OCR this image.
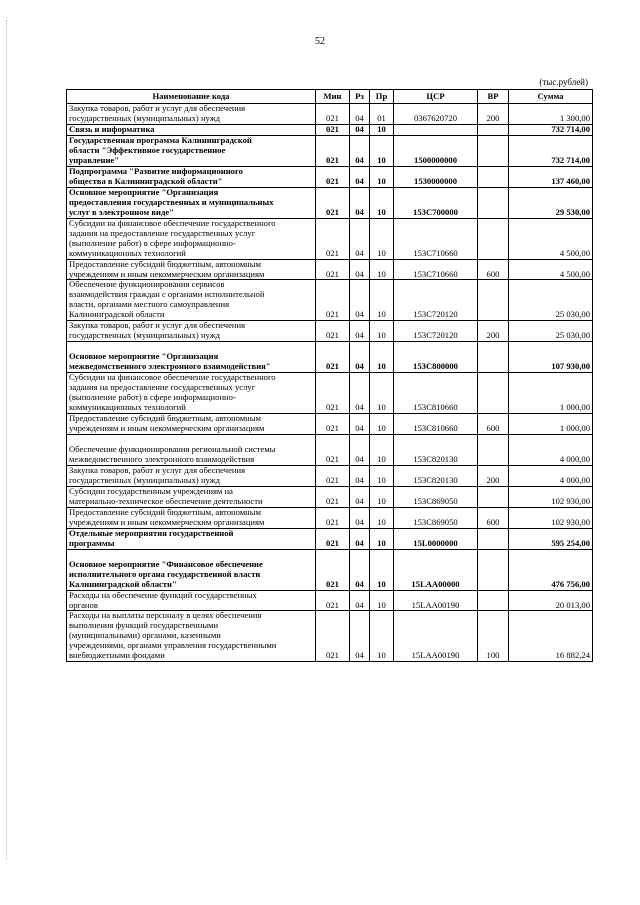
52
(тыс.рублей)
Наименование кода	Мин	Рз	Пр	ЦСР	ВР	Сумма
Закупка товаров, работ и услуг для обеспечения
государственных (муниципальных) нужд	021	04	01	0367620720	200	1 300,00
Связь и информатика	021	04	10			732 714,00
Государственная программа Калининградской
области "Эффективное государственное
управление"	021	04	10	1500000000		732 714,00
Подпрограмма "Развитие информационного
общества в Калининградской области"	021	04	10	1530000000		137 460,00
Основное мероприятие "Организация
предоставления государственных и муниципальных
услуг в электронном виде"	021	04	10	153С700000		29 530,00
Субсидии на финансовое обеспечение государственного
задания на предоставление государственных услуг
(выполнение работ) в сфере информационно-
коммуникационных технологий	021	04	10	153С710660		4 500,00
Предоставление субсидий бюджетным, автономным
учреждениям и иным некоммерческим организациям	021	04	10	153С710660	600	4 500,00
Обеспечение функционирования сервисов
взаимодействия граждан с органами исполнительной
власти, органами местного самоуправления
Калининградской области	021	04	10	153С720120		25 030,00
Закупка товаров, работ и услуг для обеспечения
государственных (муниципальных) нужд	021	04	10	153С720120	200	25 030,00

Основное мероприятие "Организация
межведомственного электронного взаимодействия"	021	04	10	153С800000		107 930,00
Субсидии на финансовое обеспечение государственного
задания на предоставление государственных услуг
(выполнение работ) в сфере информационно-
коммуникационных технологий	021	04	10	153С810660		1 000,00
Предоставление субсидий бюджетным, автономным
учреждениям и иным некоммерческим организациям	021	04	10	153С810660	600	1 000,00

Обеспечение функционирования региональной системы
межведомственного электронного взаимодействия	021	04	10	153С820130		4 000,00
Закупка товаров, работ и услуг для обеспечения
государственных (муниципальных) нужд	021	04	10	153С820130	200	4 000,00
Субсидии государственным учреждениям на
материально-техническое обеспечение деятельности	021	04	10	153С869050		102 930,00
Предоставление субсидий бюджетным, автономным
учреждениям и иным некоммерческим организациям	021	04	10	153С869050	600	102 930,00
Отдельные мероприятия государственной
программы	021	04	10	15L0000000		595 254,00

Основное мероприятие "Финансовое обеспечение
исполнительного органа государственной власти
Калининградской области"	021	04	10	15LАА00000		476 756,00
Расходы на обеспечение функций государственных
органов	021	04	10	15LАА00190		20 013,00
Расходы на выплаты персоналу в целях обеспечения
выполнения функций государственными
(муниципальными) органами, казенными
учреждениями, органами управления государственными
внебюджетными фондами	021	04	10	15LАА00190	100	16 882,24
